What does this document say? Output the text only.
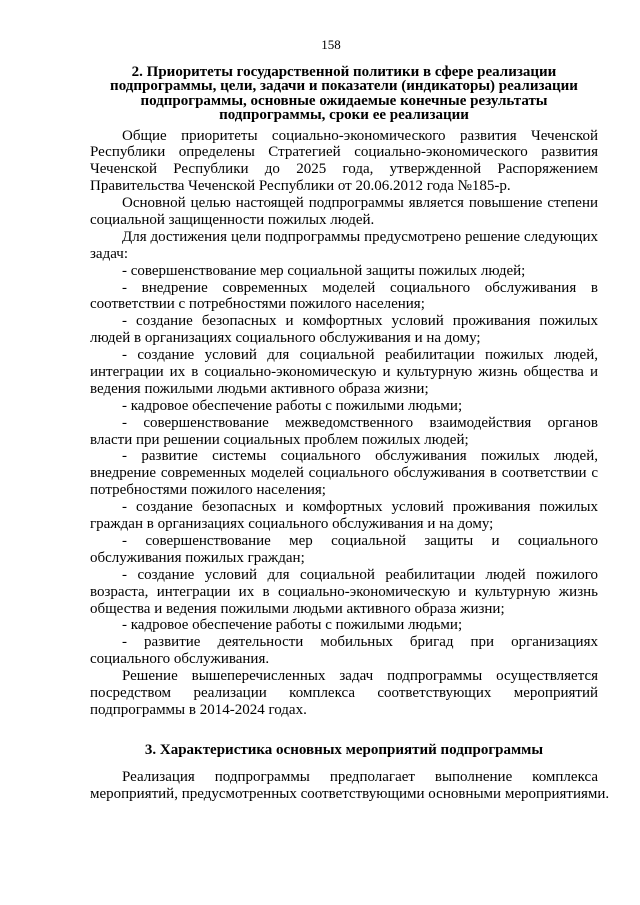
158
2. Приоритеты государственной политики в сфере реализации
подпрограммы, цели, задачи и показатели (индикаторы) реализации
подпрограммы, основные ожидаемые конечные результаты
подпрограммы, сроки ее реализации
Общие приоритеты социально-экономического развития Чеченской
Республики определены Стратегией социально-экономического развития
Чеченской Республики до 2025 года, утвержденной Распоряжением
Правительства Чеченской Республики от 20.06.2012 года №185-р.
Основной целью настоящей подпрограммы является повышение степени
социальной защищенности пожилых людей.
Для достижения цели подпрограммы предусмотрено решение следующих
задач:
- совершенствование мер социальной защиты пожилых людей;
- внедрение современных моделей социального обслуживания в
соответствии с потребностями пожилого населения;
- создание безопасных и комфортных условий проживания пожилых
людей в организациях социального обслуживания и на дому;
- создание условий для социальной реабилитации пожилых людей,
интеграции их в социально-экономическую и культурную жизнь общества и
ведения пожилыми людьми активного образа жизни;
- кадровое обеспечение работы с пожилыми людьми;
- совершенствование межведомственного взаимодействия органов
власти при решении социальных проблем пожилых людей;
- развитие системы социального обслуживания пожилых людей,
внедрение современных моделей социального обслуживания в соответствии с
потребностями пожилого населения;
- создание безопасных и комфортных условий проживания пожилых
граждан в организациях социального обслуживания и на дому;
- совершенствование мер социальной защиты и социального
обслуживания пожилых граждан;
- создание условий для социальной реабилитации людей пожилого
возраста, интеграции их в социально-экономическую и культурную жизнь
общества и ведения пожилыми людьми активного образа жизни;
- кадровое обеспечение работы с пожилыми людьми;
- развитие деятельности мобильных бригад при организациях
социального обслуживания.
Решение вышеперечисленных задач подпрограммы осуществляется
посредством реализации комплекса соответствующих мероприятий
подпрограммы в 2014-2024 годах.
3. Характеристика основных мероприятий подпрограммы
Реализация подпрограммы предполагает выполнение комплекса
мероприятий, предусмотренных соответствующими основными мероприятиями.
